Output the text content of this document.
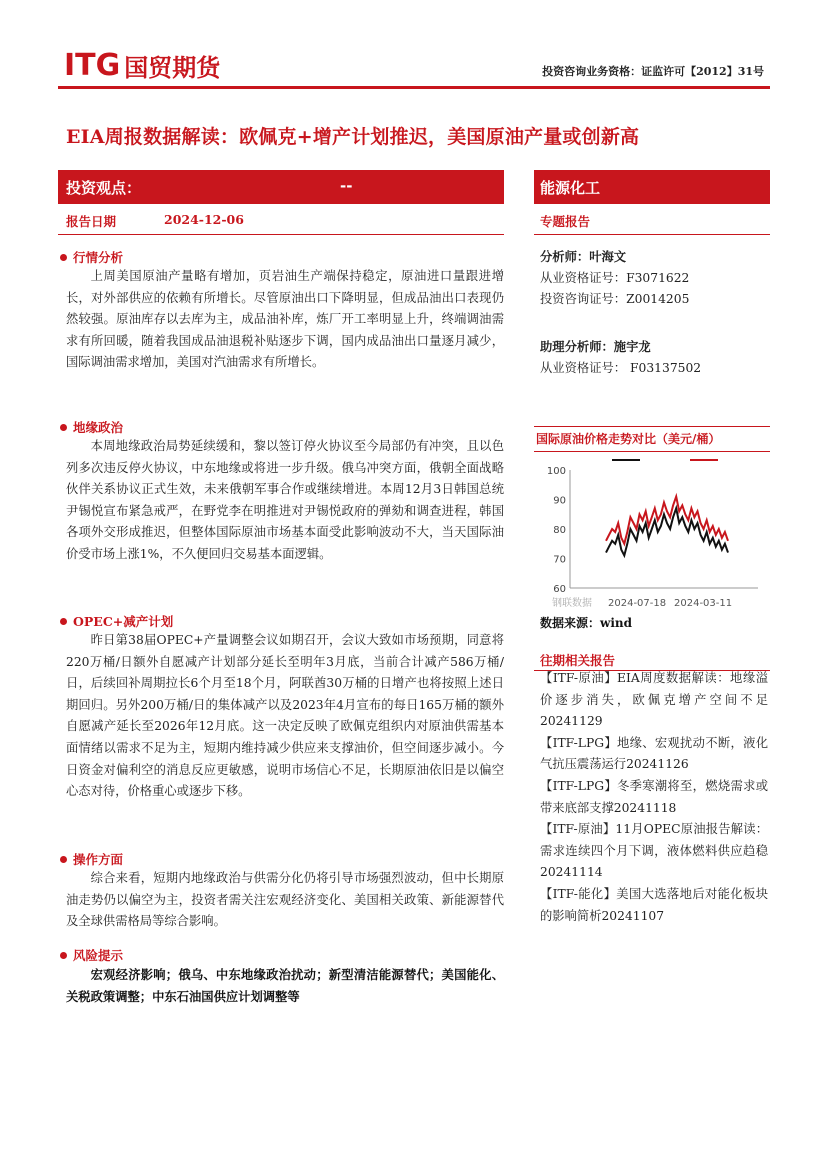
ITG 国贸期货	投资咨询业务资格：证监许可【2012】31号
EIA周报数据解读：欧佩克+增产计划推迟，美国原油产量或创新高
投资观点：	--
报告日期	2024-12-06
能源化工
专题报告
行情分析
上周美国原油产量略有增加，页岩油生产端保持稳定，原油进口量跟进增长，对外部供应的依赖有所增长。尽管原油出口下降明显，但成品油出口表现仍然较强。原油库存以去库为主，成品油补库，炼厂开工率明显上升，终端调油需求有所回暖，随着我国成品油退税补贴逐步下调，国内成品油出口量逐月减少，国际调油需求增加，美国对汽油需求有所增长。
地缘政治
本周地缘政治局势延续缓和，黎以签订停火协议至今局部仍有冲突，且以色列多次违反停火协议，中东地缘或将进一步升级。俄乌冲突方面，俄朝全面战略伙伴关系协议正式生效，未来俄朝军事合作或继续增进。本周12月3日韩国总统尹锡悦宣布紧急戒严，在野党李在明推进对尹锡悦政府的弹劾和调查进程，韩国各项外交形成推迟，但整体国际原油市场基本面受此影响波动不大，当天国际油价受市场上涨1%，不久便回归交易基本面逻辑。
OPEC+减产计划
昨日第38届OPEC+产量调整会议如期召开，会议大致如市场预期，同意将220万桶/日额外自愿减产计划部分延长至明年3月底，当前合计减产586万桶/日，后续回补周期拉长6个月至18个月，阿联酋30万桶的日增产也将按照上述日期回归。另外200万桶/日的集体减产以及2023年4月宣布的每日165万桶的额外自愿减产延长至2026年12月底。这一决定反映了欧佩克组织内对原油供需基本面情绪以需求不足为主，短期内维持减少供应来支撑油价，但空间逐步减小。今日资金对偏利空的消息反应更敏感，说明市场信心不足，长期原油依旧是以偏空心态对待，价格重心或逐步下移。
操作方面
综合来看，短期内地缘政治与供需分化仍将引导市场强烈波动，但中长期原油走势仍以偏空为主，投资者需关注宏观经济变化、美国相关政策、新能源替代及全球供需格局等综合影响。
风险提示
宏观经济影响；俄乌、中东地缘政治扰动；新型清洁能源替代；美国能化、关税政策调整；中东石油国供应计划调整等
分析师：叶海文
从业资格证号：F3071622
投资咨询证号：Z0014205
助理分析师：施宇龙
从业资格证号： F03137502
国际原油价格走势对比（美元/桶）
100
90
80
70
60
钢联数据 2024-07-18 2024-03-11
数据来源：wind
往期相关报告
【ITF-原油】EIA周度数据解读：地缘溢价逐步消失，欧佩克增产空间不足20241129
【ITF-LPG】地缘、宏观扰动不断，液化气抗压震荡运行20241126
【ITF-LPG】冬季寒潮将至，燃烧需求或带来底部支撑20241118
【ITF-原油】11月OPEC原油报告解读：需求连续四个月下调，液体燃料供应趋稳20241114
【ITF-能化】美国大选落地后对能化板块的影响简析20241107
